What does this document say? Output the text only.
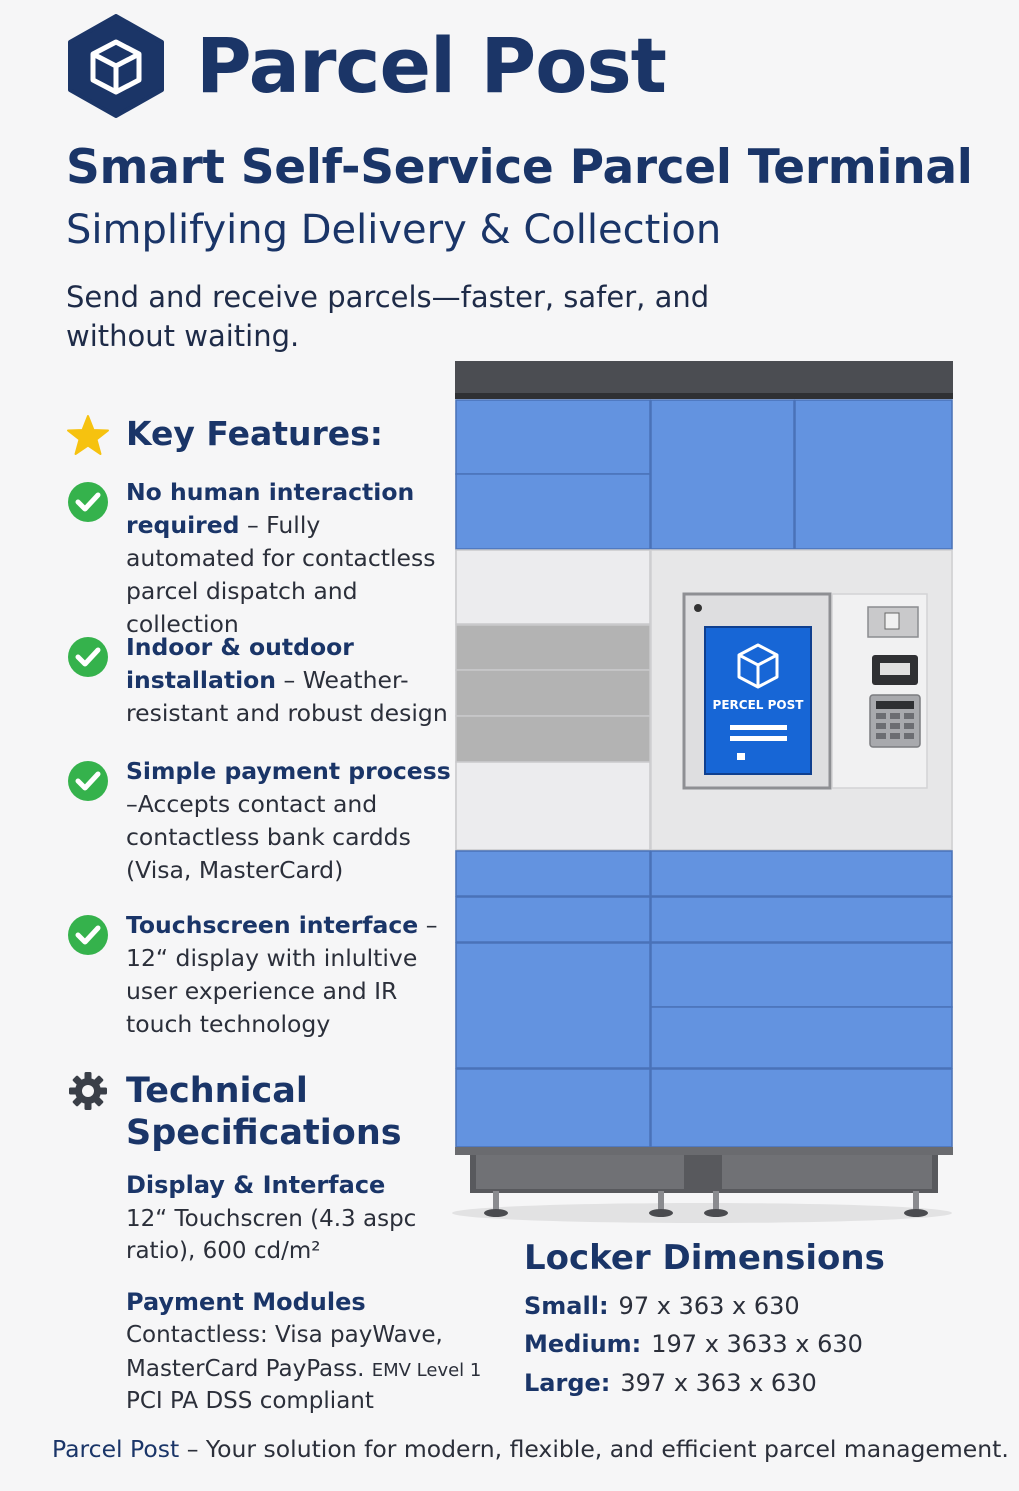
Parcel Post
Smart Self-Service Parcel Terminal
Simplifying Delivery & Collection
Send and receive parcels—faster, safer, and without waiting.
Key Features:
No human interaction required – Fully automated for contactless parcel dispatch and collection
Indoor & outdoor installation – Weather-resistant and robust design
Simple payment process –Accepts contact and contactless bank cardds (Visa, MasterCard)
Touchscreen interface –12“ display with inlultive user experience and IR touch technology
Technical
Specifications
Display & Interface
12“ Touchscren (4.3 aspc ratio), 600 cd/m²
Payment Modules
Contactless: Visa payWave,
MasterCard PayPass. EMV Level 1
PCI PA DSS compliant
PERCEL POST
Locker Dimensions
Small: 97 x 363 x 630
Medium: 197 x 3633 x 630
Large: 397 x 363 x 630
Parcel Post – Your solution for modern, flexible, and efficient parcel management.
